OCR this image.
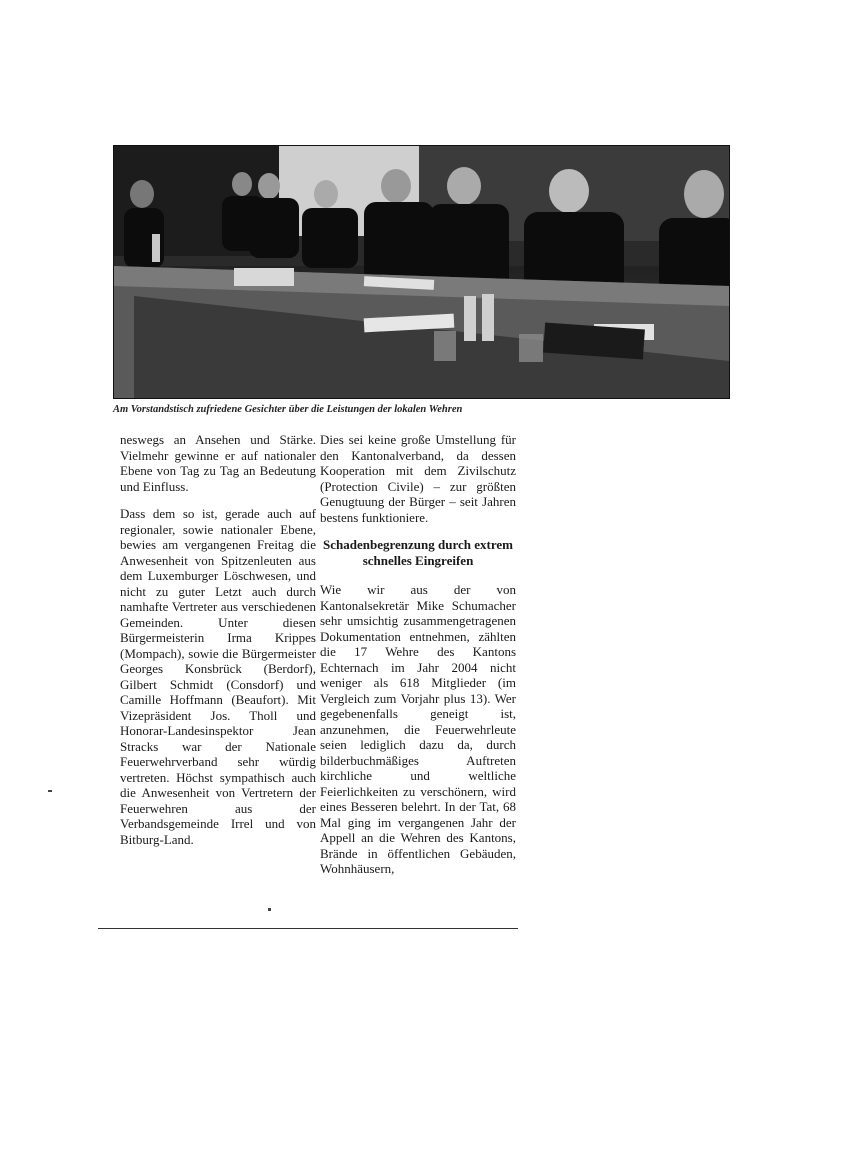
Am Vorstandstisch zufriedene Gesichter über die Leistungen der lokalen Wehren

neswegs an Ansehen und Stärke. Vielmehr gewinne er auf nationaler Ebene von Tag zu Tag an Bedeutung und Einfluss.

Dass dem so ist, gerade auch auf regionaler, sowie nationaler Ebene, bewies am vergangenen Freitag die Anwesenheit von Spitzenleuten aus dem Luxemburger Löschwesen, und nicht zu guter Letzt auch durch namhafte Vertreter aus verschiedenen Gemeinden. Unter diesen Bürgermeisterin Irma Krippes (Mompach), sowie die Bürgermeister Georges Konsbrück (Berdorf), Gilbert Schmidt (Consdorf) und Camille Hoffmann (Beaufort). Mit Vizepräsident Jos. Tholl und Honorar-Landesinspektor Jean Stracks war der Nationale Feuerwehrverband sehr würdig vertreten. Höchst sympathisch auch die Anwesenheit von Vertretern der Feuerwehren aus der Verbandsgemeinde Irrel und von Bitburg-Land.

Dies sei keine große Umstellung für den Kantonalverband, da dessen Kooperation mit dem Zivilschutz (Protection Civile) – zur größten Genugtuung der Bürger – seit Jahren bestens funktioniere.

Schadenbegrenzung durch extrem schnelles Eingreifen

Wie wir aus der von Kantonalsekretär Mike Schumacher sehr umsichtig zusammengetragenen Dokumentation entnehmen, zählten die 17 Wehre des Kantons Echternach im Jahr 2004 nicht weniger als 618 Mitglieder (im Vergleich zum Vorjahr plus 13). Wer gegebenenfalls geneigt ist, anzunehmen, die Feuerwehrleute seien lediglich dazu da, durch bilderbuchmäßiges Auftreten kirchliche und weltliche Feierlichkeiten zu verschönern, wird eines Besseren belehrt. In der Tat, 68 Mal ging im vergangenen Jahr der Appell an die Wehren des Kantons, Brände in öffentlichen Gebäuden, Wohnhäusern,
